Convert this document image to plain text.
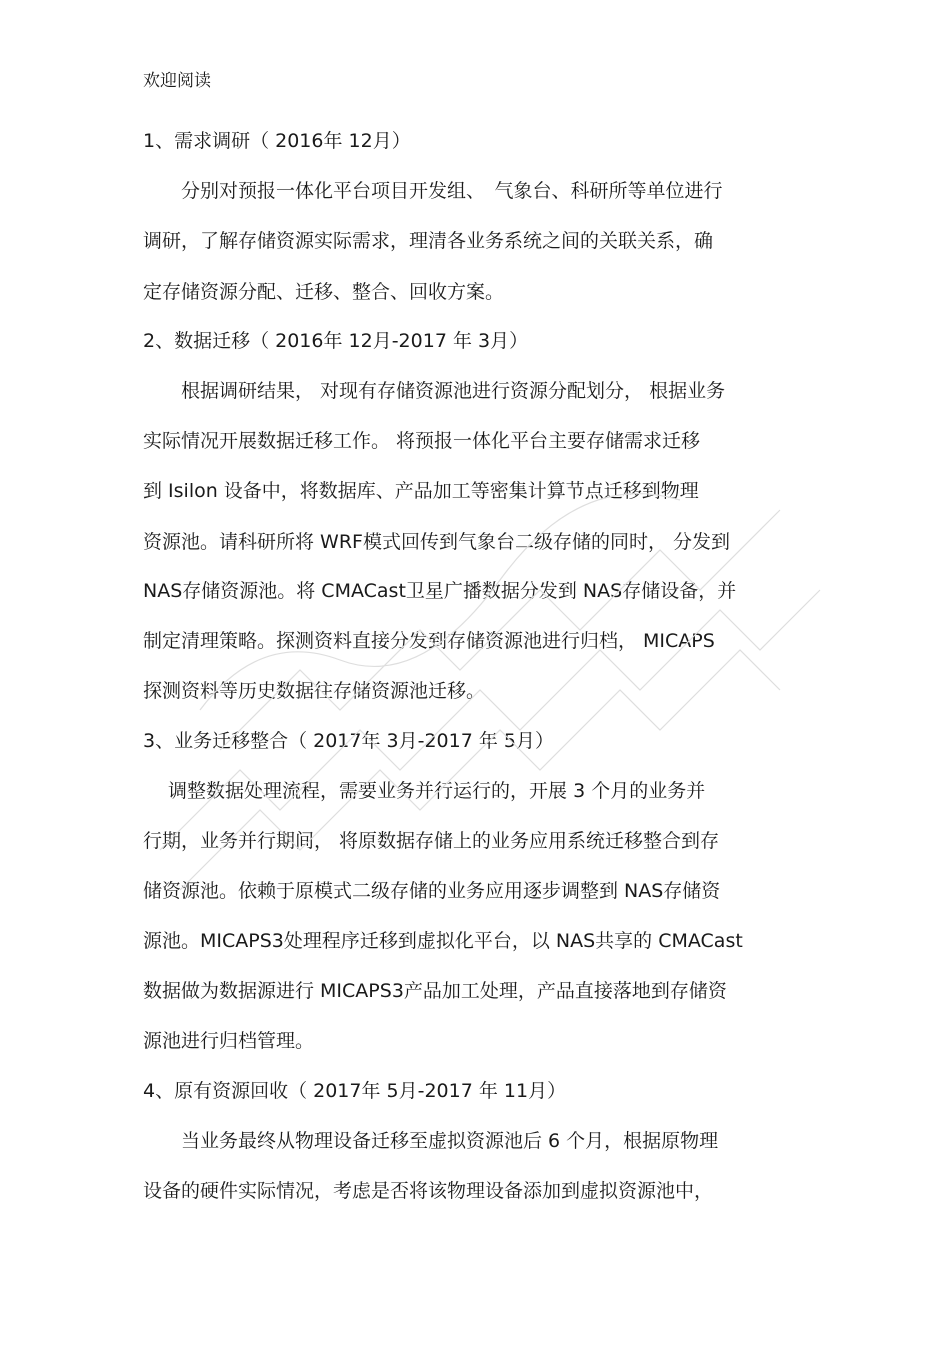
欢迎阅读
1、需求调研（ 2016年 12月）
　　分别对预报一体化平台项目开发组、　气象台、科研所等单位进行
调研，了解存储资源实际需求，理清各业务系统之间的关联关系，确
定存储资源分配、迁移、整合、回收方案。
2、数据迁移（ 2016年 12月-2017 年 3月）
　　根据调研结果， 对现有存储资源池进行资源分配划分， 根据业务
实际情况开展数据迁移工作。 将预报一体化平台主要存储需求迁移
到 Isilon 设备中，将数据库、产品加工等密集计算节点迁移到物理
资源池。请科研所将 WRF模式回传到气象台二级存储的同时， 分发到
NAS存储资源池。将 CMACast卫星广播数据分发到 NAS存储设备，并
制定清理策略。探测资料直接分发到存储资源池进行归档， MICAPS
探测资料等历史数据往存储资源池迁移。
3、业务迁移整合（ 2017年 3月-2017 年 5月）
　 调整数据处理流程，需要业务并行运行的，开展 3 个月的业务并
行期，业务并行期间， 将原数据存储上的业务应用系统迁移整合到存
储资源池。依赖于原模式二级存储的业务应用逐步调整到 NAS存储资
源池。MICAPS3处理程序迁移到虚拟化平台，以 NAS共享的 CMACast
数据做为数据源进行 MICAPS3产品加工处理，产品直接落地到存储资
源池进行归档管理。
4、原有资源回收（ 2017年 5月-2017 年 11月）
　　当业务最终从物理设备迁移至虚拟资源池后 6 个月，根据原物理
设备的硬件实际情况，考虑是否将该物理设备添加到虚拟资源池中，
